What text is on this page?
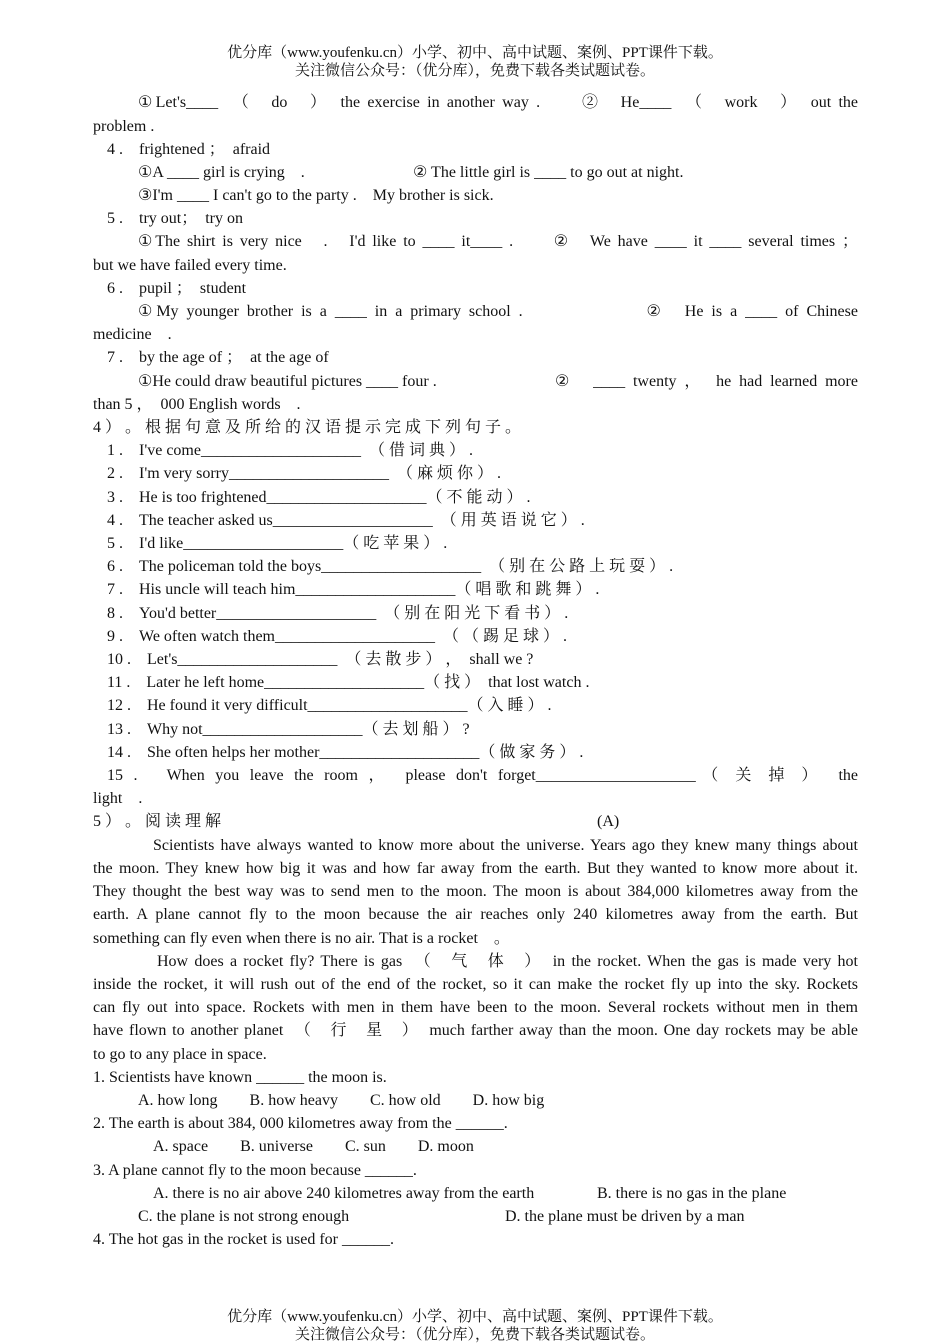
优分库（www.youfenku.cn）小学、初中、高中试题、案例、PPT课件下载。
关注微信公众号：（优分库），免费下载各类试题试卷。
①Let's____　（　do　）　the exercise in another way .　　②　He____　（　work　）　out the
problem .
4 .　frightened ；　afraid
①A ____ girl is crying　.	② The little girl is ____ to go out at night.
③I'm ____ I can't go to the party .　My brother is sick.
5 .　try out；　try on
①The shirt is very nice　.　I'd like to ____ it____ .　　②　We have ____ it ____ several times ；
but we have failed every time.
6 .　pupil ；　student
①My younger brother is a ____ in a primary school .　　　　　　②　He is a ____ of Chinese
medicine　.
7 .　by the age of ；　at the age of
①He could draw beautiful pictures ____ four .	②　____ twenty ，　he had learned more
than 5 ，　000 English words　.
4 ） 。 根 据 句 意 及 所 给 的 汉 语 提 示 完 成 下 列 句 子 。
1 .　I've come____________________　（ 借 词 典 ） .
2 .　I'm very sorry____________________　（ 麻 烦 你 ） .
3 .　He is too frightened____________________（ 不 能 动 ） .
4 .　The teacher asked us____________________　（ 用 英 语 说 它 ） .
5 .　I'd like____________________（ 吃 苹 果 ） .
6 .　The policeman told the boys____________________　（ 别 在 公 路 上 玩 耍 ） .
7 .　His uncle will teach him____________________（ 唱 歌 和 跳 舞 ） .
8 .　You'd better____________________　（ 别 在 阳 光 下 看 书 ） .
9 .　We often watch them____________________　（ （ 踢 足 球 ） .
10 .　Let's____________________　（ 去 散 步 ） ，　shall we ?
11 .　Later he left home____________________（ 找 ）　that lost watch .
12 .　He found it very difficult____________________（ 入 睡 ） .
13 .　Why not____________________（ 去 划 船 ） ?
14 .　She often helps her mother____________________（ 做 家 务 ） .
15 .　When you leave the room ，　please don't forget____________________（ 关 掉 ）　the
light　.
5 ） 。 阅 读 理 解	(A)
Scientists have always wanted to know more about the universe. Years ago they knew many things about
the moon. They knew how big it was and how far away from the earth. But they wanted to know more about it.
They thought the best way was to send men to the moon. The moon is about 384,000 kilometres away from the
earth. A plane cannot fly to the moon because the air reaches only 240 kilometres away from the earth. But
something can fly even when there is no air. That is a rocket　。
How does a rocket fly? There is gas　（　气　体　）　in the rocket. When the gas is made very hot
inside the rocket, it will rush out of the end of the rocket, so it can make the rocket fly up into the sky. Rockets
can fly out into space. Rockets with men in them have been to the moon. Several rockets without men in them
have flown to another planet　（　行　星　）　much farther away than the moon. One day rockets may be able
to go to any place in space.
1. Scientists have known ______ the moon is.
A. how long　　B. how heavy　　C. how old　　D. how big
2. The earth is about 384, 000 kilometres away from the ______.
A. space　　B. universe　　C. sun　　D. moon
3. A plane cannot fly to the moon because ______.
A. there is no air above 240 kilometres away from the earth	B. there is no gas in the plane
C. the plane is not strong enough	D. the plane must be driven by a man
4. The hot gas in the rocket is used for ______.
优分库（www.youfenku.cn）小学、初中、高中试题、案例、PPT课件下载。
关注微信公众号：（优分库），免费下载各类试题试卷。
